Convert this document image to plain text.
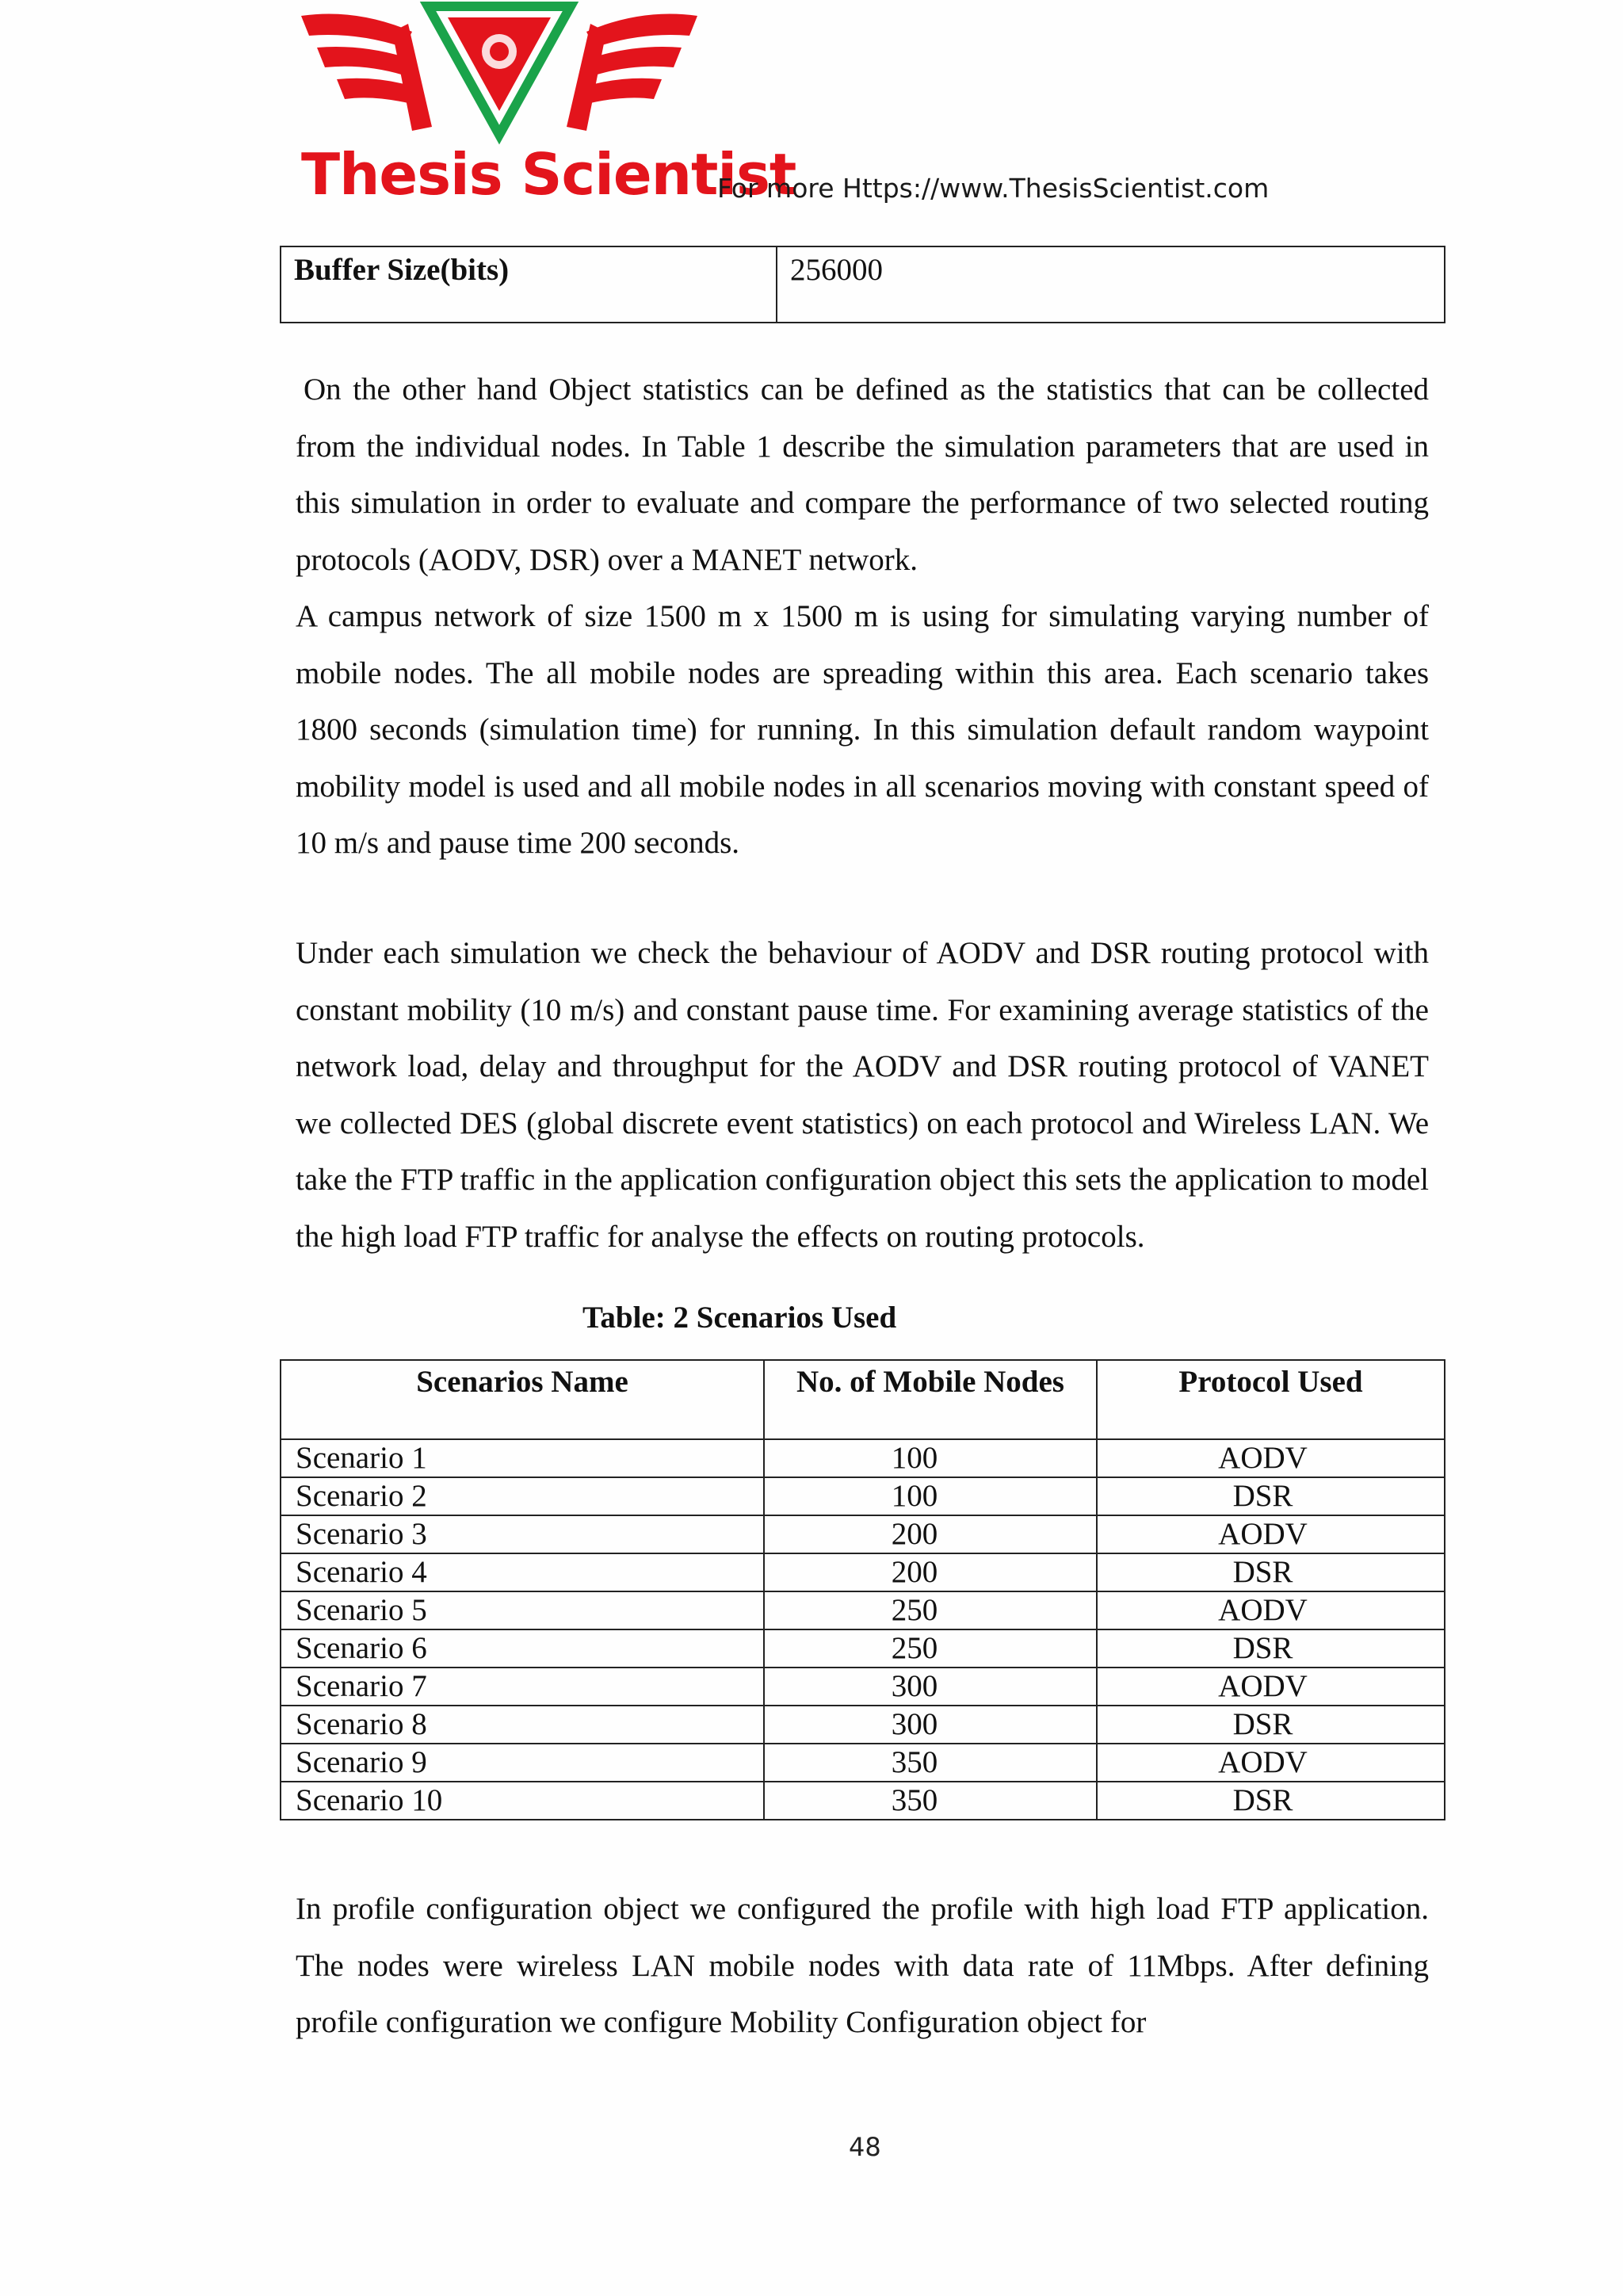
Thesis Scientist
For more Https://www.ThesisScientist.com
Buffer Size(bits)	256000
On the other hand Object statistics can be defined as the statistics that can be collected from the individual nodes. In Table 1 describe the simulation parameters that are used in this simulation in order to evaluate and compare the performance of two selected routing protocols (AODV, DSR) over a MANET network.
A campus network of size 1500 m x 1500 m is using for simulating varying number of mobile nodes. The all mobile nodes are spreading within this area. Each scenario takes 1800 seconds (simulation time) for running. In this simulation default random waypoint mobility model is used and all mobile nodes in all scenarios moving with constant speed of 10 m/s and pause time 200 seconds.
Under each simulation we check the behaviour of AODV and DSR routing protocol with constant mobility (10 m/s) and constant pause time. For examining average statistics of the network load, delay and throughput for the AODV and DSR routing protocol of VANET we collected DES (global discrete event statistics) on each protocol and Wireless LAN. We take the FTP traffic in the application configuration object this sets the application to model the high load FTP traffic for analyse the effects on routing protocols.
Table: 2 Scenarios Used
Scenarios Name	No. of Mobile Nodes	Protocol Used
Scenario 1	100	AODV
Scenario 2	100	DSR
Scenario 3	200	AODV
Scenario 4	200	DSR
Scenario 5	250	AODV
Scenario 6	250	DSR
Scenario 7	300	AODV
Scenario 8	300	DSR
Scenario 9	350	AODV
Scenario 10	350	DSR
In profile configuration object we configured the profile with high load FTP application. The nodes were wireless LAN mobile nodes with data rate of 11Mbps. After defining profile configuration we configure Mobility Configuration object for
48
